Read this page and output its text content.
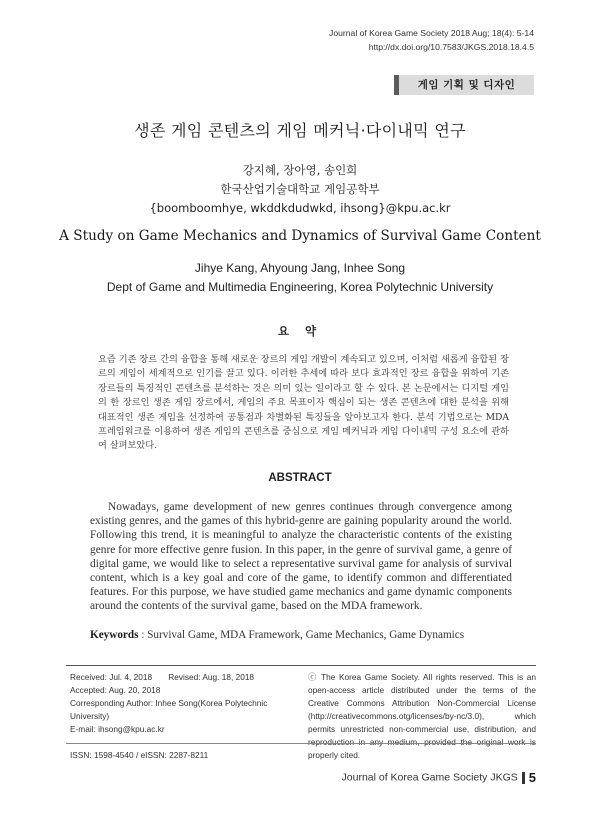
Journal of Korea Game Society 2018 Aug; 18(4): 5-14
http://dx.doi.org/10.7583/JKGS.2018.18.4.5
게임 기획 및 디자인
생존 게임 콘텐츠의 게임 메커닉·다이내믹 연구
강지혜, 장아영, 송인희
한국산업기술대학교 게임공학부
{boomboomhye, wkddkdudwkd, ihsong}@kpu.ac.kr
A Study on Game Mechanics and Dynamics of Survival Game Content
Jihye Kang, Ahyoung Jang, Inhee Song
Dept of Game and Multimedia Engineering, Korea Polytechnic University
요 약
요즘 기존 장르 간의 융합을 통해 새로운 장르의 게임 개발이 계속되고 있으며, 이처럼 새롭게 융합된 장르의 게임이 세계적으로 인기를 끌고 있다. 이러한 추세에 따라 보다 효과적인 장르 융합을 위하여 기존 장르들의 특징적인 콘텐츠를 분석하는 것은 의미 있는 일이라고 할 수 있다. 본 논문에서는 디지털 게임의 한 장르인 생존 게임 장르에서, 게임의 주요 목표이자 핵심이 되는 생존 콘텐츠에 대한 분석을 위해 대표적인 생존 게임을 선정하여 공통점과 차별화된 특징들을 알아보고자 한다. 분석 기법으로는 MDA 프레임워크를 이용하여 생존 게임의 콘텐츠를 중심으로 게임 메커닉과 게임 다이내믹 구성 요소에 관하여 살펴보았다.
ABSTRACT
Nowadays, game development of new genres continues through convergence among existing genres, and the games of this hybrid-genre are gaining popularity around the world. Following this trend, it is meaningful to analyze the characteristic contents of the existing genre for more effective genre fusion. In this paper, in the genre of survival game, a genre of digital game, we would like to select a representative survival game for analysis of survival content, which is a key goal and core of the game, to identify common and differentiated features. For this purpose, we have studied game mechanics and game dynamic components around the contents of the survival game, based on the MDA framework.
Keywords : Survival Game, MDA Framework, Game Mechanics, Game Dynamics
Received: Jul. 4, 2018 Revised: Aug. 18, 2018
Accepted: Aug. 20, 2018
Corresponding Author: Inhee Song(Korea Polytechnic University)
E-mail: ihsong@kpu.ac.kr
ISSN: 1598-4540 / eISSN: 2287-8211
ⓒ The Korea Game Society. All rights reserved. This is an open-access article distributed under the terms of the Creative Commons Attribution Non-Commercial License (http://creativecommons.otg/licenses/by-nc/3.0), which permits unrestricted non-commercial use, distribution, and reproduction in any medium, provided the original work is properly cited.
Journal of Korea Game Society JKGS 5
